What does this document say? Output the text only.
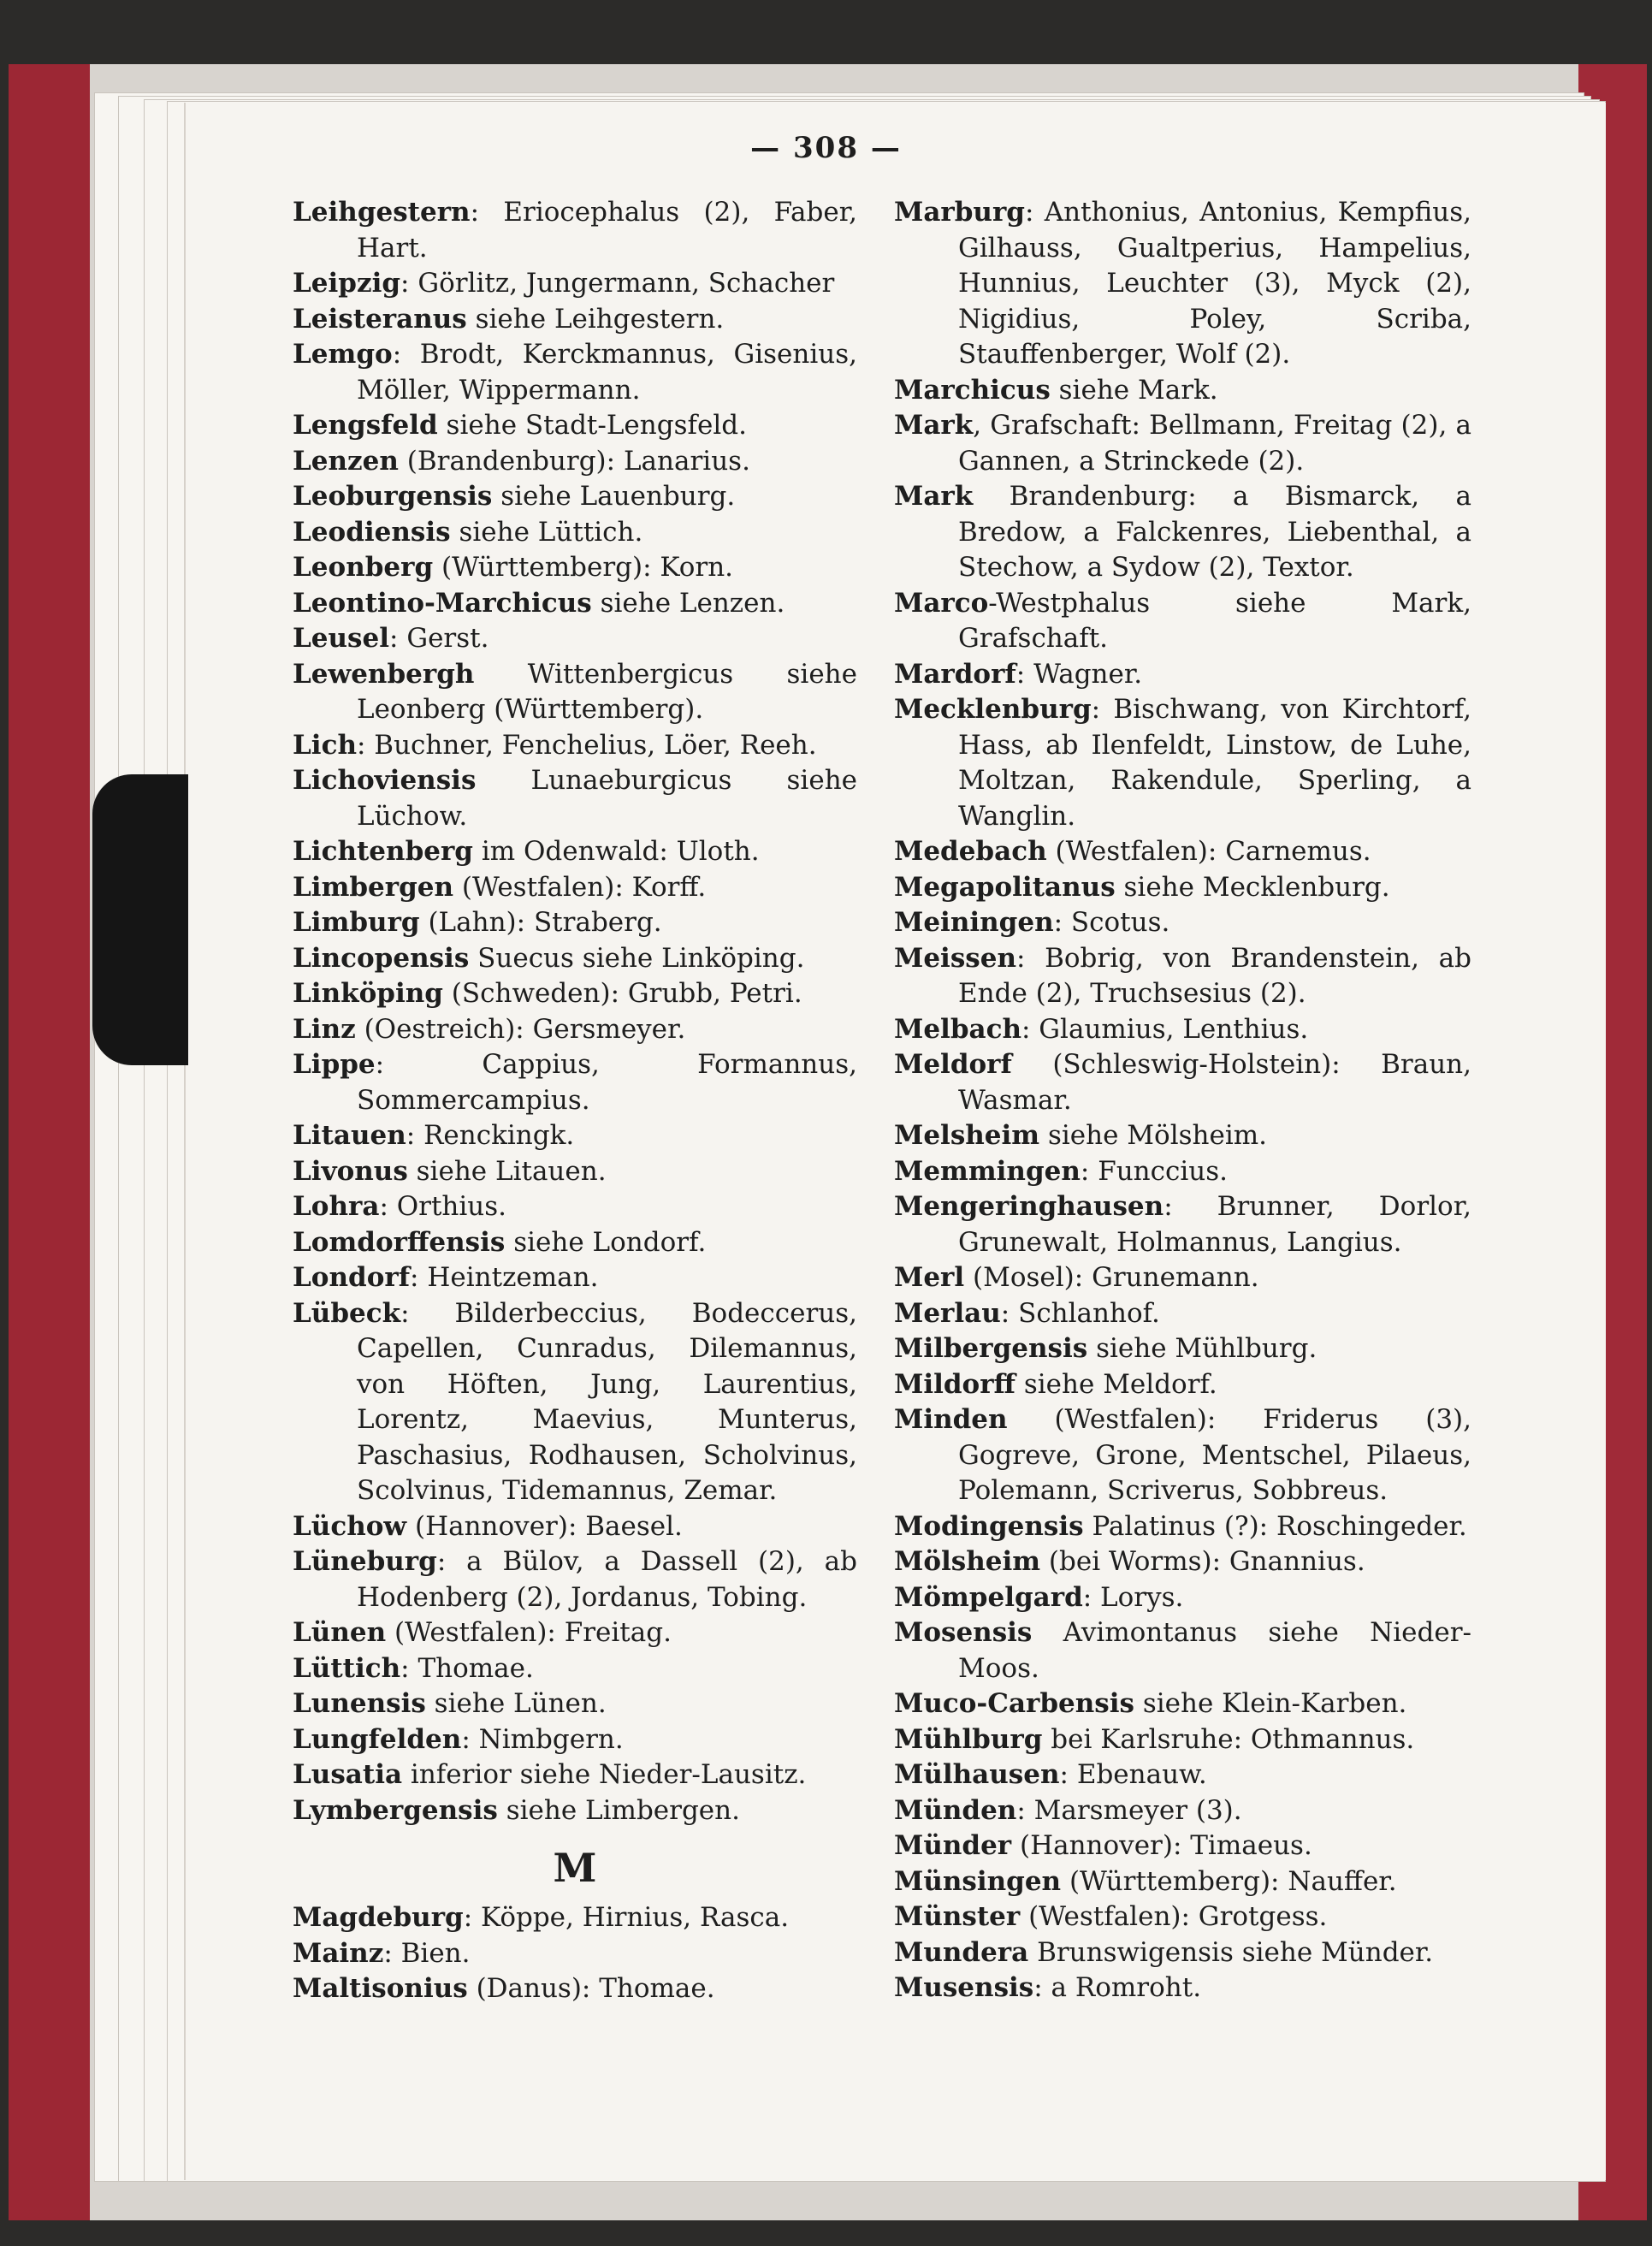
— 308 —
Leihgestern: Eriocephalus (2), Faber, Hart.
Leipzig: Görlitz, Jungermann, Schacher
Leisteranus siehe Leihgestern.
Lemgo: Brodt, Kerckmannus, Gisenius, Möller, Wippermann.
Lengsfeld siehe Stadt-Lengsfeld.
Lenzen (Brandenburg): Lanarius.
Leoburgensis siehe Lauenburg.
Leodiensis siehe Lüttich.
Leonberg (Württemberg): Korn.
Leontino-Marchicus siehe Lenzen.
Leusel: Gerst.
Lewenbergh Wittenbergicus siehe Leonberg (Württemberg).
Lich: Buchner, Fenchelius, Löer, Reeh.
Lichoviensis Lunaeburgicus siehe Lüchow.
Lichtenberg im Odenwald: Uloth.
Limbergen (Westfalen): Korff.
Limburg (Lahn): Straberg.
Lincopensis Suecus siehe Linköping.
Linköping (Schweden): Grubb, Petri.
Linz (Oestreich): Gersmeyer.
Lippe: Cappius, Formannus, Sommercampius.
Litauen: Renckingk.
Livonus siehe Litauen.
Lohra: Orthius.
Lomdorffensis siehe Londorf.
Londorf: Heintzeman.
Lübeck: Bilderbeccius, Bodeccerus, Capellen, Cunradus, Dilemannus, von Höften, Jung, Laurentius, Lorentz, Maevius, Munterus, Paschasius, Rodhausen, Scholvinus, Scolvinus, Tidemannus, Zemar.
Lüchow (Hannover): Baesel.
Lüneburg: a Bülov, a Dassell (2), ab Hodenberg (2), Jordanus, Tobing.
Lünen (Westfalen): Freitag.
Lüttich: Thomae.
Lunensis siehe Lünen.
Lungfelden: Nimbgern.
Lusatia inferior siehe Nieder-Lausitz.
Lymbergensis siehe Limbergen.
M
Magdeburg: Köppe, Hirnius, Rasca.
Mainz: Bien.
Maltisonius (Danus): Thomae.
Marburg: Anthonius, Antonius, Kempfius, Gilhauss, Gualtperius, Hampelius, Hunnius, Leuchter (3), Myck (2), Nigidius, Poley, Scriba, Stauffenberger, Wolf (2).
Marchicus siehe Mark.
Mark, Grafschaft: Bellmann, Freitag (2), a Gannen, a Strinckede (2).
Mark Brandenburg: a Bismarck, a Bredow, a Falckenres, Liebenthal, a Stechow, a Sydow (2), Textor.
Marco-Westphalus siehe Mark, Grafschaft.
Mardorf: Wagner.
Mecklenburg: Bischwang, von Kirchtorf, Hass, ab Ilenfeldt, Linstow, de Luhe, Moltzan, Rakendule, Sperling, a Wanglin.
Medebach (Westfalen): Carnemus.
Megapolitanus siehe Mecklenburg.
Meiningen: Scotus.
Meissen: Bobrig, von Brandenstein, ab Ende (2), Truchsesius (2).
Melbach: Glaumius, Lenthius.
Meldorf (Schleswig-Holstein): Braun, Wasmar.
Melsheim siehe Mölsheim.
Memmingen: Funccius.
Mengeringhausen: Brunner, Dorlor, Grunewalt, Holmannus, Langius.
Merl (Mosel): Grunemann.
Merlau: Schlanhof.
Milbergensis siehe Mühlburg.
Mildorff siehe Meldorf.
Minden (Westfalen): Friderus (3), Gogreve, Grone, Mentschel, Pilaeus, Polemann, Scriverus, Sobbreus.
Modingensis Palatinus (?): Roschingeder.
Mölsheim (bei Worms): Gnannius.
Mömpelgard: Lorys.
Mosensis Avimontanus siehe Nieder-Moos.
Muco-Carbensis siehe Klein-Karben.
Mühlburg bei Karlsruhe: Othmannus.
Mülhausen: Ebenauw.
Münden: Marsmeyer (3).
Münder (Hannover): Timaeus.
Münsingen (Württemberg): Nauffer.
Münster (Westfalen): Grotgess.
Mundera Brunswigensis siehe Münder.
Musensis: a Romroht.
